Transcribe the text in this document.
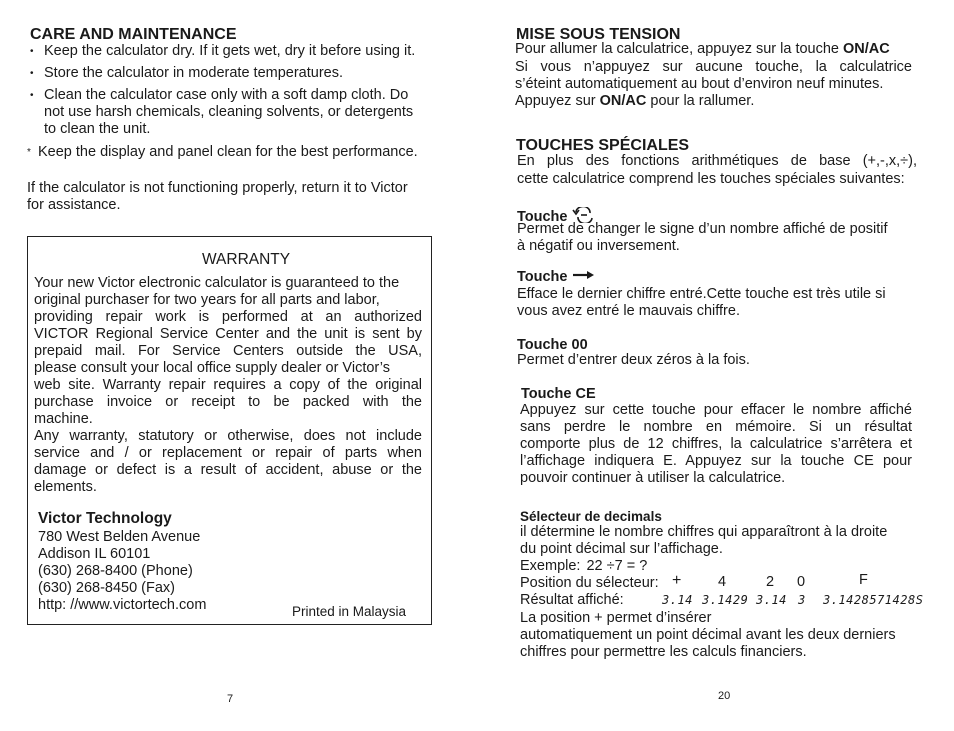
CARE AND MAINTENANCE
• Keep the calculator dry. If it gets wet, dry it before using it.
• Store the calculator in moderate temperatures.
• Clean the calculator case only with a soft damp cloth. Do
not use harsh chemicals, cleaning solvents, or detergents
to clean the unit.
* Keep the display and panel clean for the best performance.
If the calculator is not functioning properly, return it to Victor
for assistance.
WARRANTY
Your new Victor electronic calculator is guaranteed to the
original purchaser for two years for all parts and labor,
providing repair work is performed at an authorized
VICTOR Regional Service Center and the unit is sent by
prepaid mail. For Service Centers outside the USA,
please consult your local office supply dealer or Victor’s
web site. Warranty repair requires a copy of the original
purchase invoice or receipt to be packed with the
machine.
Any warranty, statutory or otherwise, does not include
service and / or replacement or repair of parts when
damage or defect is a result of accident, abuse or the
elements.
Victor Technology
780 West Belden Avenue
Addison IL 60101
(630) 268-8400 (Phone)
(630) 268-8450 (Fax)
http: //www.victortech.com	Printed in Malaysia
7
MISE SOUS TENSION
Pour allumer la calculatrice, appuyez sur la touche ON/AC
Si vous n’appuyez sur aucune touche, la calculatrice
s’éteint automatiquement au bout d’environ neuf minutes.
Appuyez sur ON/AC pour la rallumer.
TOUCHES SPÉCIALES
En plus des fonctions arithmétiques de base (+,-,x,÷),
cette calculatrice comprend les touches spéciales suivantes:
Touche
Permet de changer le signe d’un nombre affiché de positif
à négatif ou inversement.
Touche
Efface le dernier chiffre entré.Cette touche est très utile si
vous avez entré le mauvais chiffre.
Touche 00
Permet d’entrer deux zéros à la fois.
Touche CE
Appuyez sur cette touche pour effacer le nombre affiché
sans perdre le nombre en mémoire. Si un résultat
comporte plus de 12 chiffres, la calculatrice s’arrêtera et
l’affichage indiquera E. Appuyez sur la touche CE pour
pouvoir continuer à utiliser la calculatrice.
Sélecteur de decimals
il détermine le nombre chiffres qui apparaîtront à la droite
du point décimal sur l’affichage.
Exemple: 22 ÷7 = ?
Position du sélecteur: +	4	2 0	F
Résultat affiché:	3.14 3.1429 3.14 3 3.1428571428S
La position + permet d’insérer
automatiquement un point décimal avant les deux derniers
chiffres pour permettre les calculs financiers.
20
